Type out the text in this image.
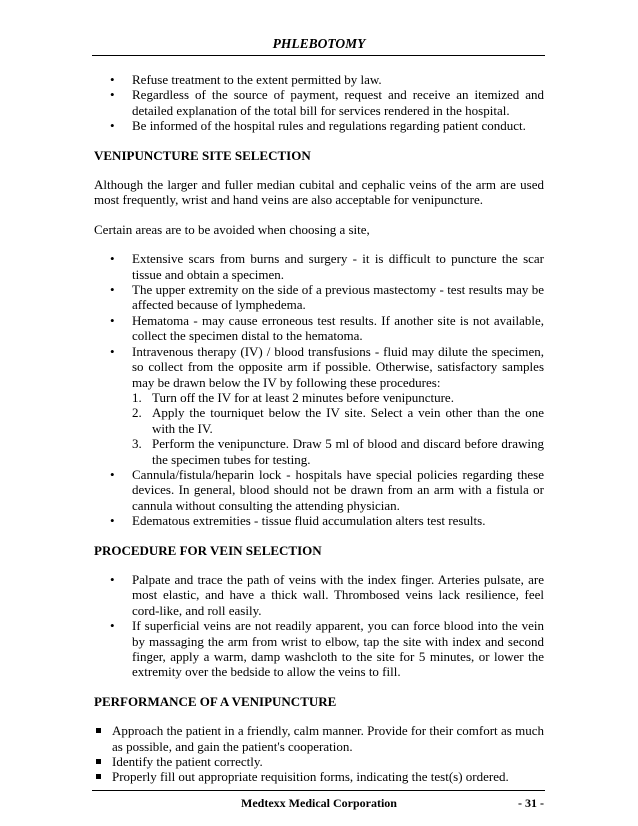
PHLEBOTOMY
• Refuse treatment to the extent permitted by law.
• Regardless of the source of payment, request and receive an itemized and detailed explanation of the total bill for services rendered in the hospital.
• Be informed of the hospital rules and regulations regarding patient conduct.

VENIPUNCTURE SITE SELECTION

Although the larger and fuller median cubital and cephalic veins of the arm are used most frequently, wrist and hand veins are also acceptable for venipuncture.

Certain areas are to be avoided when choosing a site,

• Extensive scars from burns and surgery - it is difficult to puncture the scar tissue and obtain a specimen.
• The upper extremity on the side of a previous mastectomy - test results may be affected because of lymphedema.
• Hematoma - may cause erroneous test results. If another site is not available, collect the specimen distal to the hematoma.
• Intravenous therapy (IV) / blood transfusions - fluid may dilute the specimen, so collect from the opposite arm if possible. Otherwise, satisfactory samples may be drawn below the IV by following these procedures:
1. Turn off the IV for at least 2 minutes before venipuncture.
2. Apply the tourniquet below the IV site. Select a vein other than the one with the IV.
3. Perform the venipuncture. Draw 5 ml of blood and discard before drawing the specimen tubes for testing.
• Cannula/fistula/heparin lock - hospitals have special policies regarding these devices. In general, blood should not be drawn from an arm with a fistula or cannula without consulting the attending physician.
• Edematous extremities - tissue fluid accumulation alters test results.

PROCEDURE FOR VEIN SELECTION

• Palpate and trace the path of veins with the index finger. Arteries pulsate, are most elastic, and have a thick wall. Thrombosed veins lack resilience, feel cord-like, and roll easily.
• If superficial veins are not readily apparent, you can force blood into the vein by massaging the arm from wrist to elbow, tap the site with index and second finger, apply a warm, damp washcloth to the site for 5 minutes, or lower the extremity over the bedside to allow the veins to fill.

PERFORMANCE OF A VENIPUNCTURE

Approach the patient in a friendly, calm manner. Provide for their comfort as much as possible, and gain the patient's cooperation.
Identify the patient correctly.
Properly fill out appropriate requisition forms, indicating the test(s) ordered.
Medtexx Medical Corporation	- 31 -
